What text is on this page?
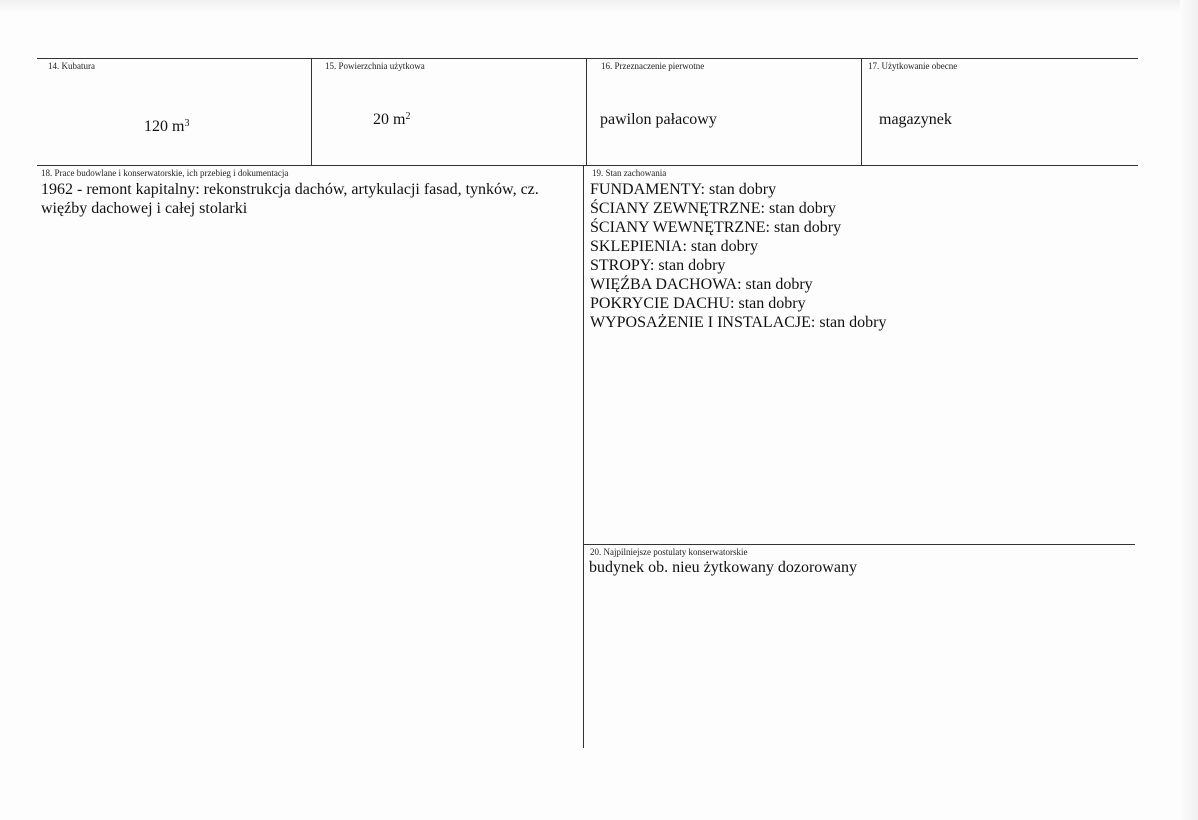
14. Kubatura
120 $m^3$
15. Powierzchnia użytkowa
20 $m^2$
16. Przeznaczenie pierwotne
pawilon pałacowy
17. Użytkowanie obecne
magazynek
18. Prace budowlane i konserwatorskie, ich przebieg i dokumentacja
1962 - remont kapitalny: rekonstrukcja dachów, artykulacji fasad, tynków, cz.
więźby dachowej i całej stolarki
19. Stan zachowania
FUNDAMENTY: stan dobry
ŚCIANY ZEWNĘTRZNE: stan dobry
ŚCIANY WEWNĘTRZNE: stan dobry
SKLEPIENIA: stan dobry
STROPY: stan dobry
WIĘŹBA DACHOWA: stan dobry
POKRYCIE DACHU: stan dobry
WYPOSAŻENIE I INSTALACJE: stan dobry
20. Najpilniejsze postulaty konserwatorskie
budynek ob. nieu żytkowany dozorowany
